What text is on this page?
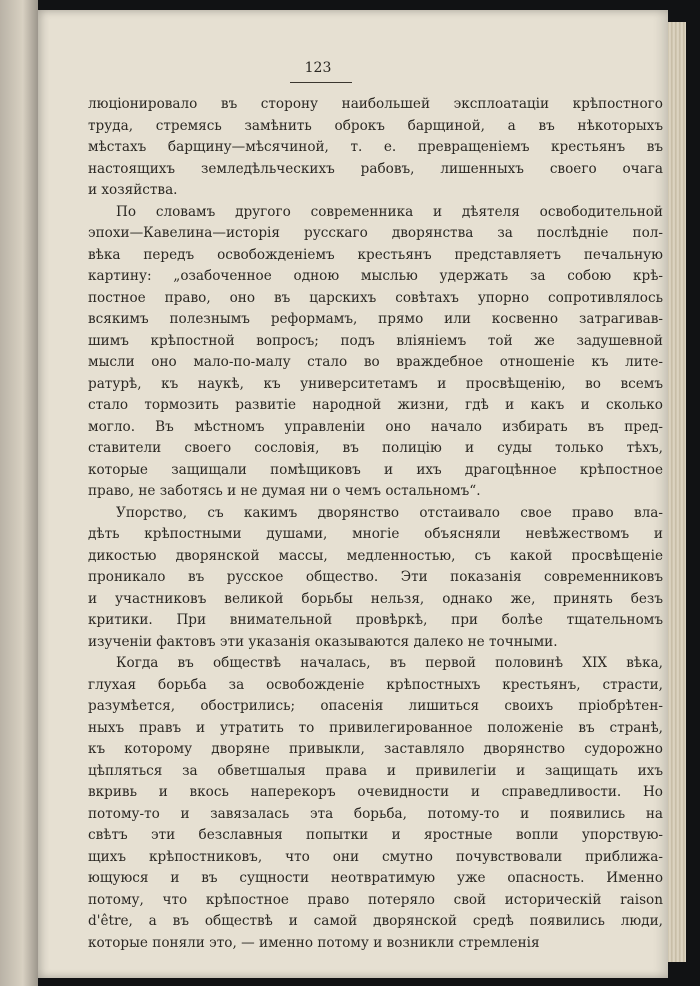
123
люціонировало въ сторону наибольшей эксплоатаціи крѣпостного
труда, стремясь замѣнить оброкъ барщиной, а въ нѣкоторыхъ
мѣстахъ барщину—мѣсячиной, т. е. превращеніемъ крестьянъ въ
настоящихъ земледѣльческихъ рабовъ, лишенныхъ своего очага
и хозяйства.
По словамъ другого современника и дѣятеля освободительной
эпохи—Кавелина—исторія русскаго дворянства за послѣдніе пол-
вѣка передъ освобожденіемъ крестьянъ представляетъ печальную
картину: „озабоченное одною мыслью удержать за собою крѣ-
постное право, оно въ царскихъ совѣтахъ упорно сопротивлялось
всякимъ полезнымъ реформамъ, прямо или косвенно затрагивав-
шимъ крѣпостной вопросъ; подъ вліяніемъ той же задушевной
мысли оно мало-по-малу стало во враждебное отношеніе къ лите-
ратурѣ, къ наукѣ, къ университетамъ и просвѣщенію, во всемъ
стало тормозить развитіе народной жизни, гдѣ и какъ и сколько
могло. Въ мѣстномъ управленіи оно начало избирать въ пред-
ставители своего сословія, въ полицію и суды только тѣхъ,
которые защищали помѣщиковъ и ихъ драгоцѣнное крѣпостное
право, не заботясь и не думая ни о чемъ остальномъ“.
Упорство, съ какимъ дворянство отстаивало свое право вла-
дѣть крѣпостными душами, многіе объясняли невѣжествомъ и
дикостью дворянской массы, медленностью, съ какой просвѣщеніе
проникало въ русское общество. Эти показанія современниковъ
и участниковъ великой борьбы нельзя, однако же, принять безъ
критики. При внимательной провѣркѣ, при болѣе тщательномъ
изученіи фактовъ эти указанія оказываются далеко не точными.
Когда въ обществѣ началась, въ первой половинѣ XIX вѣка,
глухая борьба за освобожденіе крѣпостныхъ крестьянъ, страсти,
разумѣется, обострились; опасенія лишиться своихъ пріобрѣтен-
ныхъ правъ и утратить то привилегированное положеніе въ странѣ,
къ которому дворяне привыкли, заставляло дворянство судорожно
цѣпляться за обветшалыя права и привилегіи и защищать ихъ
вкривь и вкось наперекоръ очевидности и справедливости. Но
потому-то и завязалась эта борьба, потому-то и появились на
свѣтъ эти безславныя попытки и яростные вопли упорствую-
щихъ крѣпостниковъ, что они смутно почувствовали приближа-
ющуюся и въ сущности неотвратимую уже опасность. Именно
потому, что крѣпостное право потеряло свой историческій raison
d'être, а въ обществѣ и самой дворянской средѣ появились люди,
которые поняли это, — именно потому и возникли стремленія
